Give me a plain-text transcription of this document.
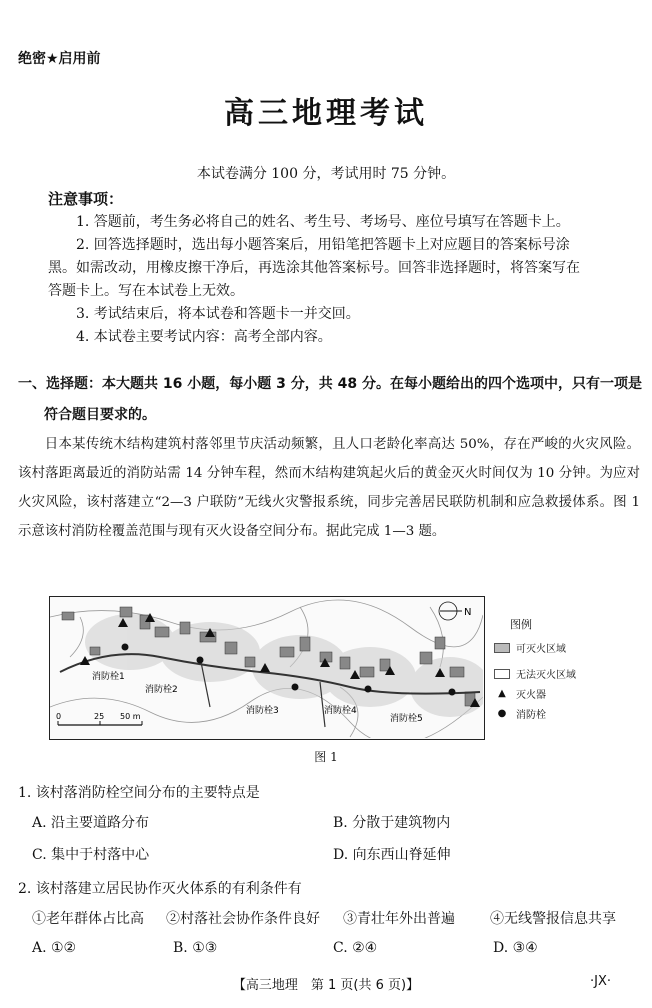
绝密★启用前
高三地理考试
本试卷满分 100 分，考试用时 75 分钟。
注意事项：
1. 答题前，考生务必将自己的姓名、考生号、考场号、座位号填写在答题卡上。
2. 回答选择题时，选出每小题答案后，用铅笔把答题卡上对应题目的答案标号涂
黑。如需改动，用橡皮擦干净后，再选涂其他答案标号。回答非选择题时，将答案写在
答题卡上。写在本试卷上无效。
3. 考试结束后，将本试卷和答题卡一并交回。
4. 本试卷主要考试内容：高考全部内容。
一、选择题：本大题共 16 小题，每小题 3 分，共 48 分。在每小题给出的四个选项中，只有一项是
符合题目要求的。
日本某传统木结构建筑村落邻里节庆活动频繁，且人口老龄化率高达 50%，存在严峻的火灾风险。该村落距离最近的消防站需 14 分钟车程，然而木结构建筑起火后的黄金灭火时间仅为 10 分钟。为应对火灾风险，该村落建立“2—3 户联防”无线火灾警报系统，同步完善居民联防机制和应急救援体系。图 1 示意该村消防栓覆盖范围与现有灭火设备空间分布。据此完成 1—3 题。
消防栓1
消防栓2
消防栓3	消防栓4
消防栓5
0	25 50 m
N
图例
可灭火区域
无法灭火区域
▲	灭火器
● 消防栓
图 1
1. 该村落消防栓空间分布的主要特点是
A. 沿主要道路分布	B. 分散于建筑物内
C. 集中于村落中心	D. 向东西山脊延伸
2. 该村落建立居民协作灭火体系的有利条件有
①老年群体占比高 ②村落社会协作条件良好 ③青壮年外出普遍	④无线警报信息共享
A. ①②	B. ①③	C. ②④	D. ③④
【高三地理　第 1 页(共 6 页)】	·JX·
